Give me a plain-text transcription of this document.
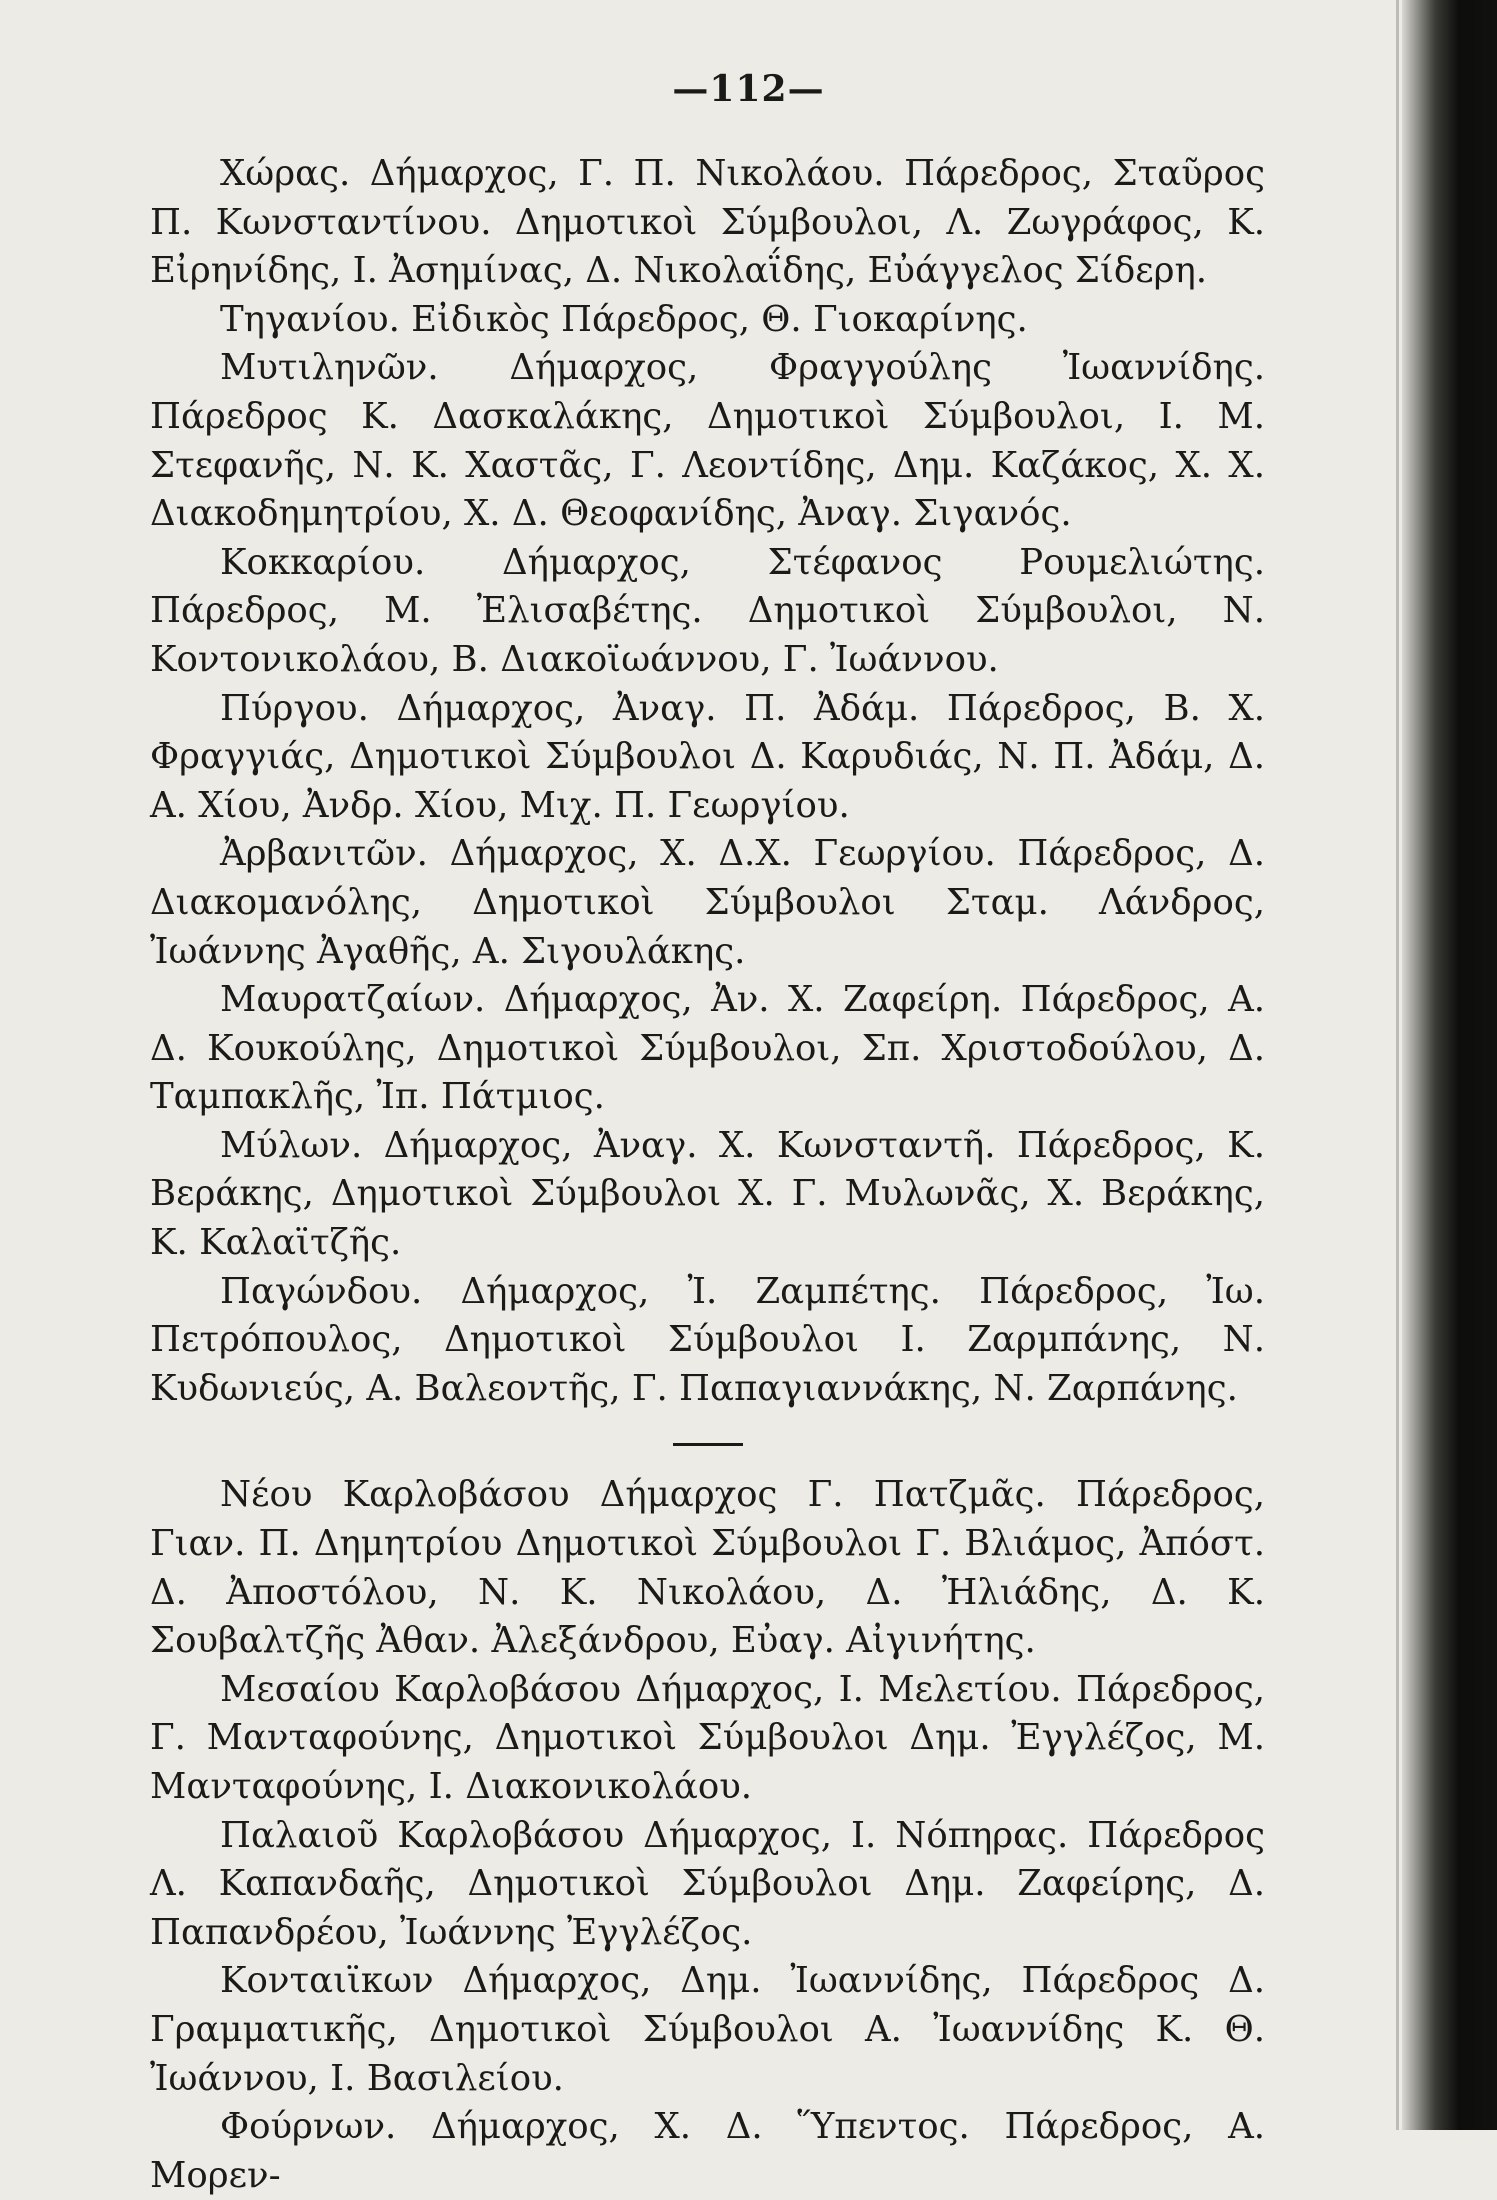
—112—

Χώρας. Δήμαρχος, Γ. Π. Νικολάου. Πάρεδρος, Σταῦρος Π. Κωνσταντίνου. Δημοτικοὶ Σύμβουλοι, Λ. Ζωγράφος, Κ. Εἰρηνίδης, Ι. Ἀσημίνας, Δ. Νικολαΐδης, Εὐάγγελος Σίδερη.

Τηγανίου. Εἰδικὸς Πάρεδρος, Θ. Γιοκαρίνης.

Μυτιληνῶν. Δήμαρχος, Φραγγούλης Ἰωαννίδης. Πάρεδρος Κ. Δασκαλάκης, Δημοτικοὶ Σύμβουλοι, Ι. Μ. Στεφανῆς, Ν. Κ. Χαστᾶς, Γ. Λεοντίδης, Δημ. Καζάκος, Χ. Χ. Διακοδημητρίου, Χ. Δ. Θεοφανίδης, Ἀναγ. Σιγανός.

Κοκκαρίου. Δήμαρχος, Στέφανος Ρουμελιώτης. Πάρεδρος, Μ. Ἐλισαβέτης. Δημοτικοὶ Σύμβουλοι, Ν. Κοντονικολάου, Β. Διακοϊωάννου, Γ. Ἰωάννου.

Πύργου. Δήμαρχος, Ἀναγ. Π. Ἀδάμ. Πάρεδρος, Β. Χ. Φραγγιάς, Δημοτικοὶ Σύμβουλοι Δ. Καρυδιάς, Ν. Π. Ἀδάμ, Δ. Α. Χίου, Ἀνδρ. Χίου, Μιχ. Π. Γεωργίου.

Ἀρβανιτῶν. Δήμαρχος, Χ. Δ.Χ. Γεωργίου. Πάρεδρος, Δ. Διακομανόλης, Δημοτικοὶ Σύμβουλοι Σταμ. Λάνδρος, Ἰωάννης Ἀγαθῆς, Α. Σιγουλάκης.

Μαυρατζαίων. Δήμαρχος, Ἀν. Χ. Ζαφείρη. Πάρεδρος, Α. Δ. Κουκούλης, Δημοτικοὶ Σύμβουλοι, Σπ. Χριστοδούλου, Δ. Ταμπακλῆς, Ἰπ. Πάτμιος.

Μύλων. Δήμαρχος, Ἀναγ. Χ. Κωνσταντῆ. Πάρεδρος, Κ. Βεράκης, Δημοτικοὶ Σύμβουλοι Χ. Γ. Μυλωνᾶς, Χ. Βεράκης, Κ. Καλαϊτζῆς.

Παγώνδου. Δήμαρχος, Ἰ. Ζαμπέτης. Πάρεδρος, Ἰω. Πετρόπουλος, Δημοτικοὶ Σύμβουλοι Ι. Ζαρμπάνης, Ν. Κυδωνιεύς, Α. Βαλεοντῆς, Γ. Παπαγιαννάκης, Ν. Ζαρπάνης.

Νέου Καρλοβάσου Δήμαρχος Γ. Πατζμᾶς. Πάρεδρος, Γιαν. Π. Δημητρίου Δημοτικοὶ Σύμβουλοι Γ. Βλιάμος, Ἀπόστ. Δ. Ἀποστόλου, Ν. Κ. Νικολάου, Δ. Ἠλιάδης, Δ. Κ. Σουβαλτζῆς Ἀθαν. Ἀλεξάνδρου, Εὐαγ. Αἰγινήτης.

Μεσαίου Καρλοβάσου Δήμαρχος, Ι. Μελετίου. Πάρεδρος, Γ. Μανταφούνης, Δημοτικοὶ Σύμβουλοι Δημ. Ἐγγλέζος, Μ. Μανταφούνης, Ι. Διακονικολάου.

Παλαιοῦ Καρλοβάσου Δήμαρχος, Ι. Νόπηρας. Πάρεδρος Λ. Καπανδαῆς, Δημοτικοὶ Σύμβουλοι Δημ. Ζαφείρης, Δ. Παπανδρέου, Ἰωάννης Ἐγγλέζος.

Κονταιϊκων Δήμαρχος, Δημ. Ἰωαννίδης, Πάρεδρος Δ. Γραμματικῆς, Δημοτικοὶ Σύμβουλοι Α. Ἰωαννίδης Κ. Θ. Ἰωάννου, Ι. Βασιλείου.

Φούρνων. Δήμαρχος, Χ. Δ. Ὕπεντος. Πάρεδρος, Α. Μορεν-
